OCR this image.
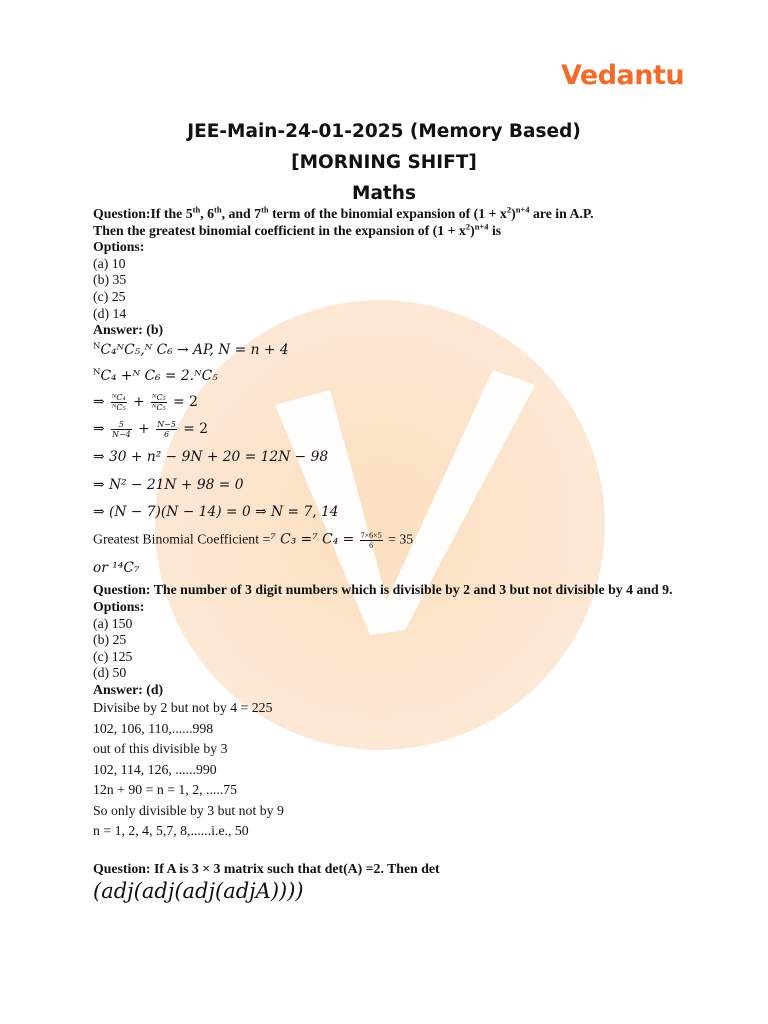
Vedantu
JEE-Main-24-01-2025 (Memory Based)
[MORNING SHIFT]
Maths
Question:If the 5th, 6th, and 7th term of the binomial expansion of $(1 + x^2)^{n+4}$ are in A.P.
Then the greatest binomial coefficient in the expansion of $(1 + x^2)^{n+4}$ is
Options:
(a) 10
(b) 35
(c) 25
(d) 14
Answer: (b)
$^N$C₄ᴺC₅,ᴺ C₆ → AP, N = n + 4
$^N$C₄ +ᴺ C₆ = 2.ᴺC₅
⇒ $\frac{\text{ᴺC₄}}{\text{ᴺC₅}} + \frac{\text{ᴺC₅}}{\text{ᴺC₅}} = 2$
⇒ $\frac{5}{N-4} + \frac{N-5}{6} = 2$
⇒ 30 + n² − 9N + 20 = 12N − 98
⇒ N² − 21N + 98 = 0
⇒ (N − 7)(N − 14) = 0 ⇒ N = 7, 14
Greatest Binomial Coefficient =⁷ C₃ =⁷ $C_4 = \frac{7\times 6\times 5}{6} = 35$
or ¹⁴C₇
Question: The number of 3 digit numbers which is divisible by 2 and 3 but not divisible by 4 and 9.
Options:
(a) 150
(b) 25
(c) 125
(d) 50
Answer: (d)
Divisibe by 2 but not by 4 = 225
102, 106, 110,......998
out of this divisible by 3
102, 114, 126, ......990
12n + 90 = n = 1, 2, .....75
So only divisible by 3 but not by 9
n = 1, 2, 4, 5,7, 8,......i.e., 50
Question: If A is 3 × 3 matrix such that det(A) =2. Then det
(adj(adj(adj(adjA))))
